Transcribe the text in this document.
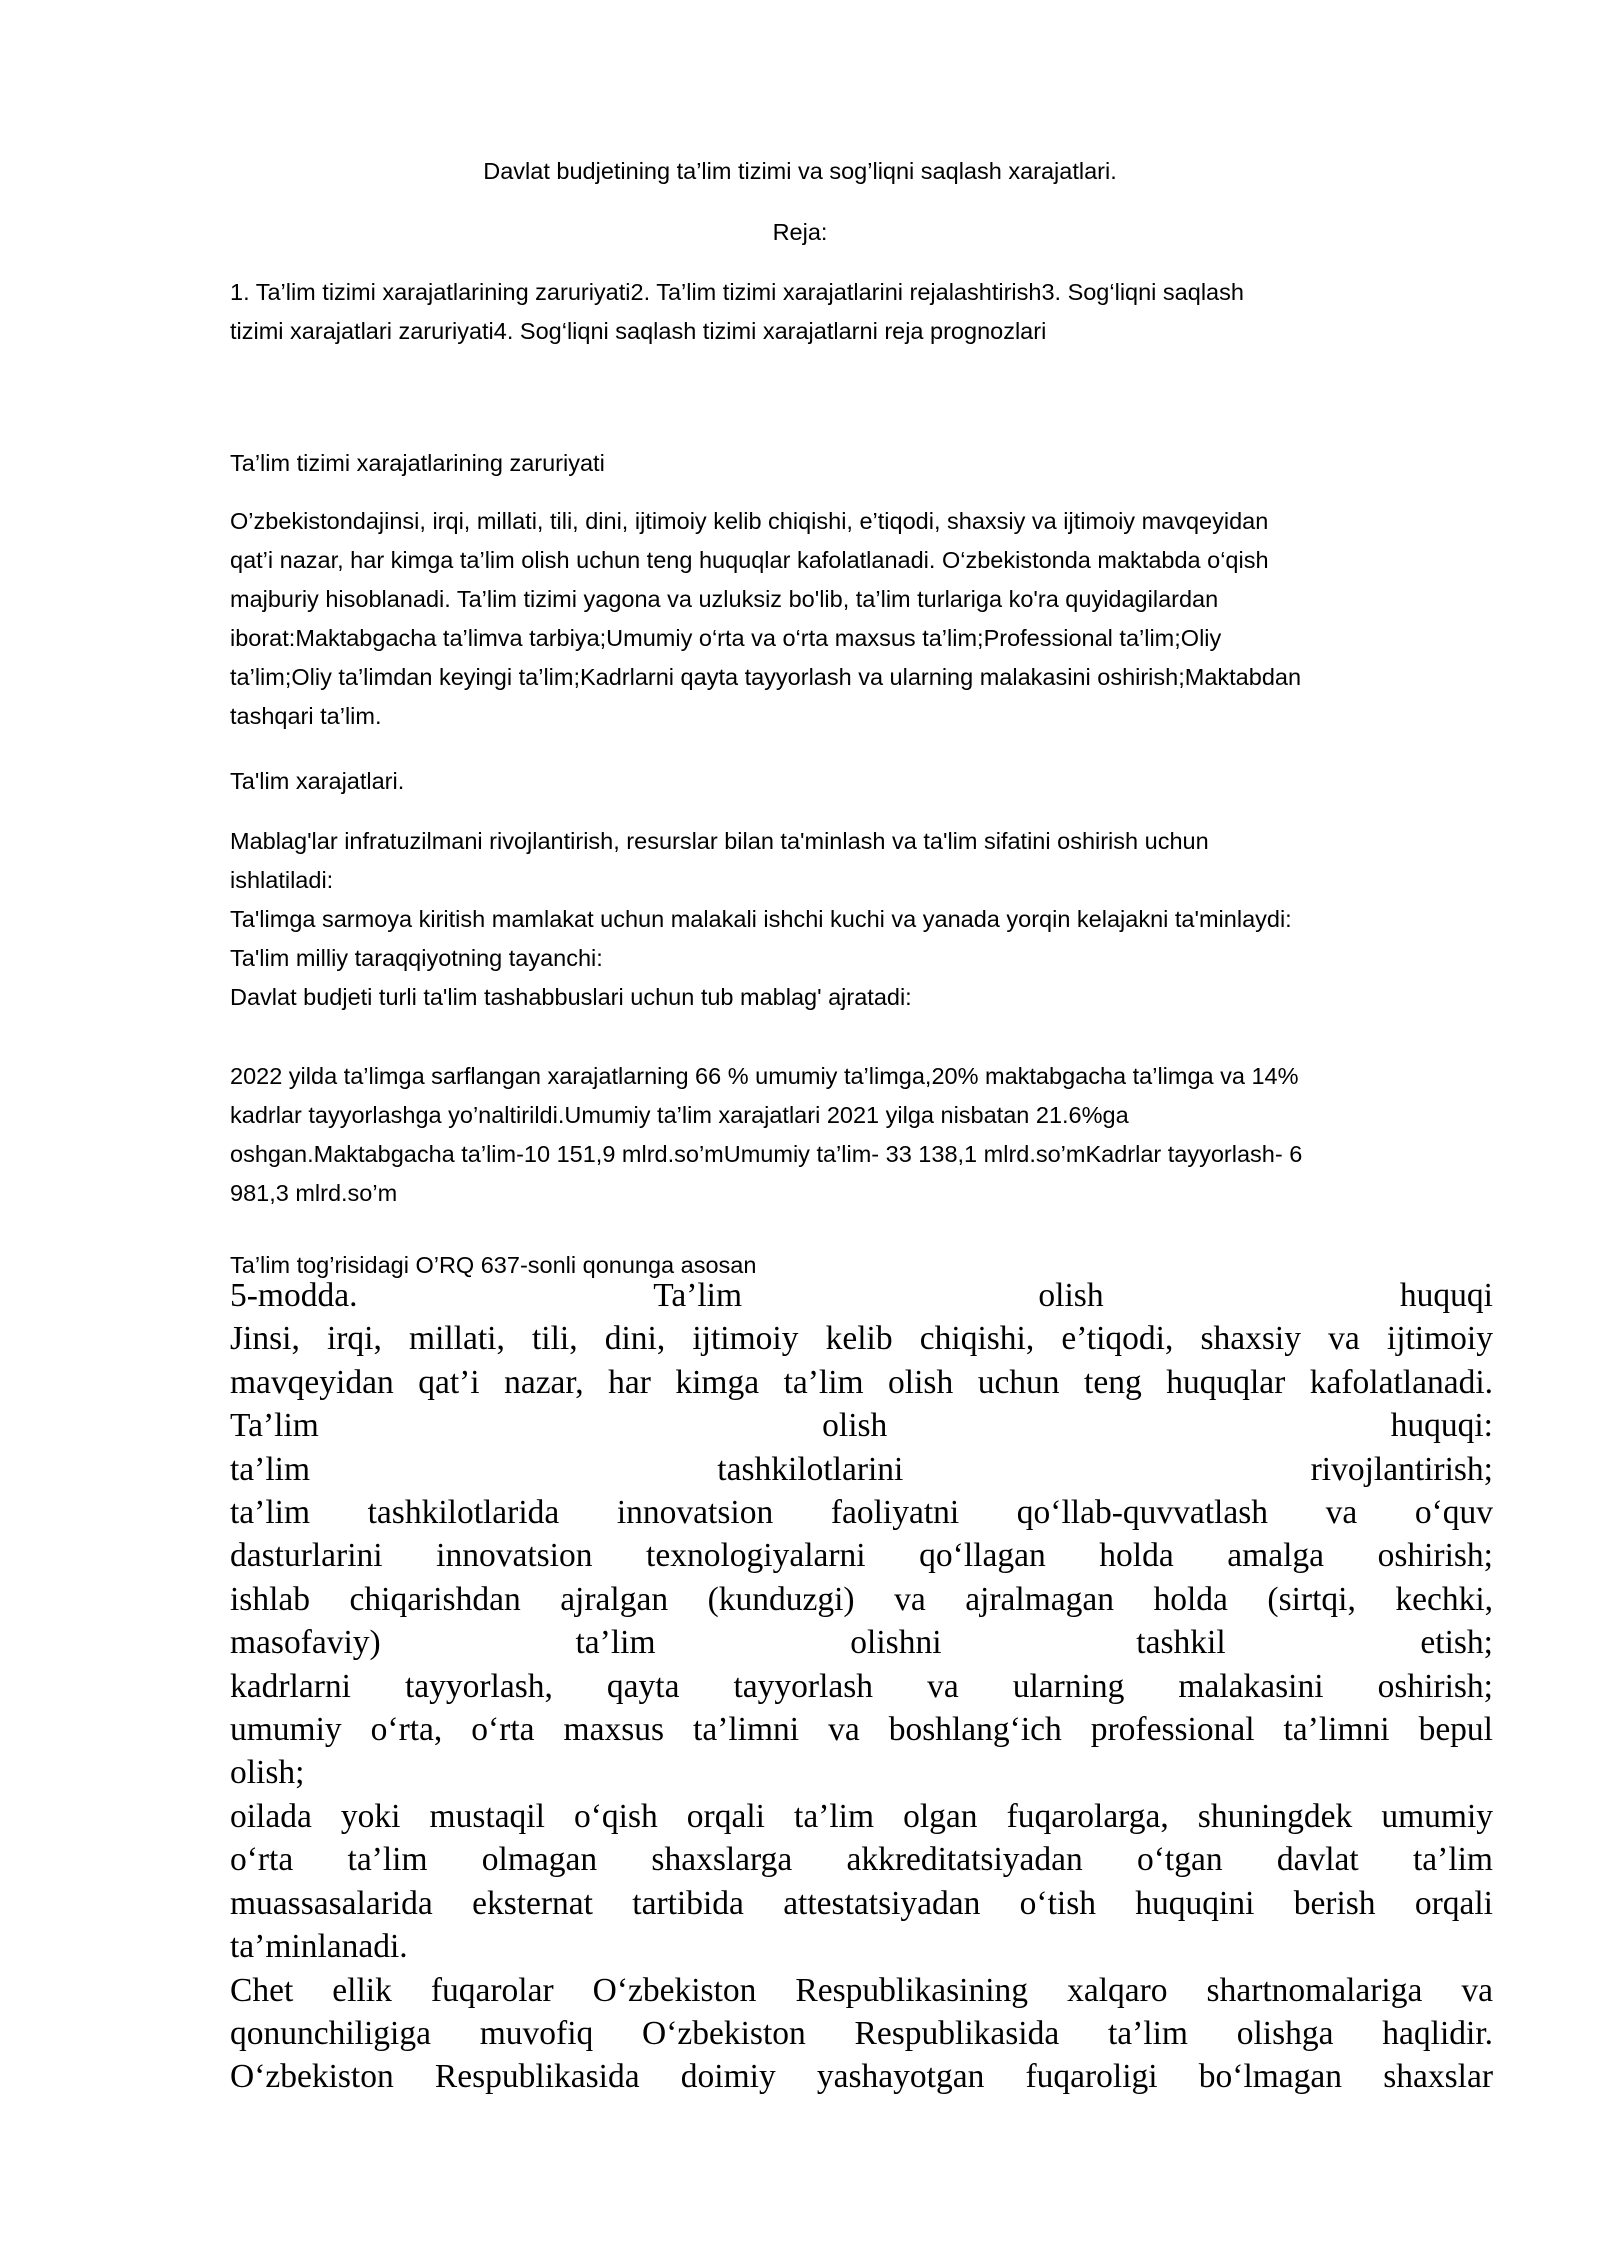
Davlat budjetining ta’lim tizimi va sog’liqni saqlash xarajatlari.

Reja:

1. Ta’lim tizimi xarajatlarining zaruriyati2. Ta’lim tizimi xarajatlarini rejalashtirish3. Sog‘liqni saqlash
tizimi xarajatlari zaruriyati4. Sog‘liqni saqlash tizimi xarajatlarni reja prognozlari

Ta’lim tizimi xarajatlarining zaruriyati

O’zbekistondajinsi, irqi, millati, tili, dini, ijtimoiy kelib chiqishi, e’tiqodi, shaxsiy va ijtimoiy mavqeyidan
qat’i nazar, har kimga ta’lim olish uchun teng huquqlar kafolatlanadi. O‘zbekistonda maktabda o‘qish
majburiy hisoblanadi. Ta’lim tizimi yagona va uzluksiz bo'lib, ta’lim turlariga ko'ra quyidagilardan
iborat:Maktabgacha ta’limva tarbiya;Umumiy o‘rta va o‘rta maxsus ta’lim;Professional ta’lim;Oliy
ta’lim;Oliy ta’limdan keyingi ta’lim;Kadrlarni qayta tayyorlash va ularning malakasini oshirish;Maktabdan
tashqari ta’lim.

Ta'lim xarajatlari.

Mablag'lar infratuzilmani rivojlantirish, resurslar bilan ta'minlash va ta'lim sifatini oshirish uchun
ishlatiladi:
Ta'limga sarmoya kiritish mamlakat uchun malakali ishchi kuchi va yanada yorqin kelajakni ta'minlaydi:
Ta'lim milliy taraqqiyotning tayanchi:
Davlat budjeti turli ta'lim tashabbuslari uchun tub mablag' ajratadi:
2022 yilda ta’limga sarflangan xarajatlarning 66 % umumiy ta’limga,20% maktabgacha ta’limga va 14%
kadrlar tayyorlashga yo’naltirildi.Umumiy ta’lim xarajatlari 2021 yilga nisbatan 21.6%ga
oshgan.Maktabgacha ta’lim-10 151,9 mlrd.so’mUmumiy ta’lim- 33 138,1 mlrd.so’mKadrlar tayyorlash- 6
981,3 mlrd.so’m

Ta’lim tog’risidagi O’RQ 637-sonli qonunga asosan

5-modda. Ta’lim olish huquqi
Jinsi, irqi, millati, tili, dini, ijtimoiy kelib chiqishi, e’tiqodi, shaxsiy va ijtimoiy
mavqeyidan qat’i nazar, har kimga ta’lim olish uchun teng huquqlar kafolatlanadi.
Ta’lim olish huquqi:
ta’lim tashkilotlarini rivojlantirish;
ta’lim tashkilotlarida innovatsion faoliyatni qo‘llab-quvvatlash va o‘quv
dasturlarini innovatsion texnologiyalarni qo‘llagan holda amalga oshirish;
ishlab chiqarishdan ajralgan (kunduzgi) va ajralmagan holda (sirtqi, kechki,
masofaviy) ta’lim olishni tashkil etish;
kadrlarni tayyorlash, qayta tayyorlash va ularning malakasini oshirish;
umumiy o‘rta, o‘rta maxsus ta’limni va boshlang‘ich professional ta’limni bepul
olish;
oilada yoki mustaqil o‘qish orqali ta’lim olgan fuqarolarga, shuningdek umumiy
o‘rta ta’lim olmagan shaxslarga akkreditatsiyadan o‘tgan davlat ta’lim
muassasalarida eksternat tartibida attestatsiyadan o‘tish huquqini berish orqali
ta’minlanadi.
Chet ellik fuqarolar O‘zbekiston Respublikasining xalqaro shartnomalariga va
qonunchiligiga muvofiq O‘zbekiston Respublikasida ta’lim olishga haqlidir.
O‘zbekiston Respublikasida doimiy yashayotgan fuqaroligi bo‘lmagan shaxslar
